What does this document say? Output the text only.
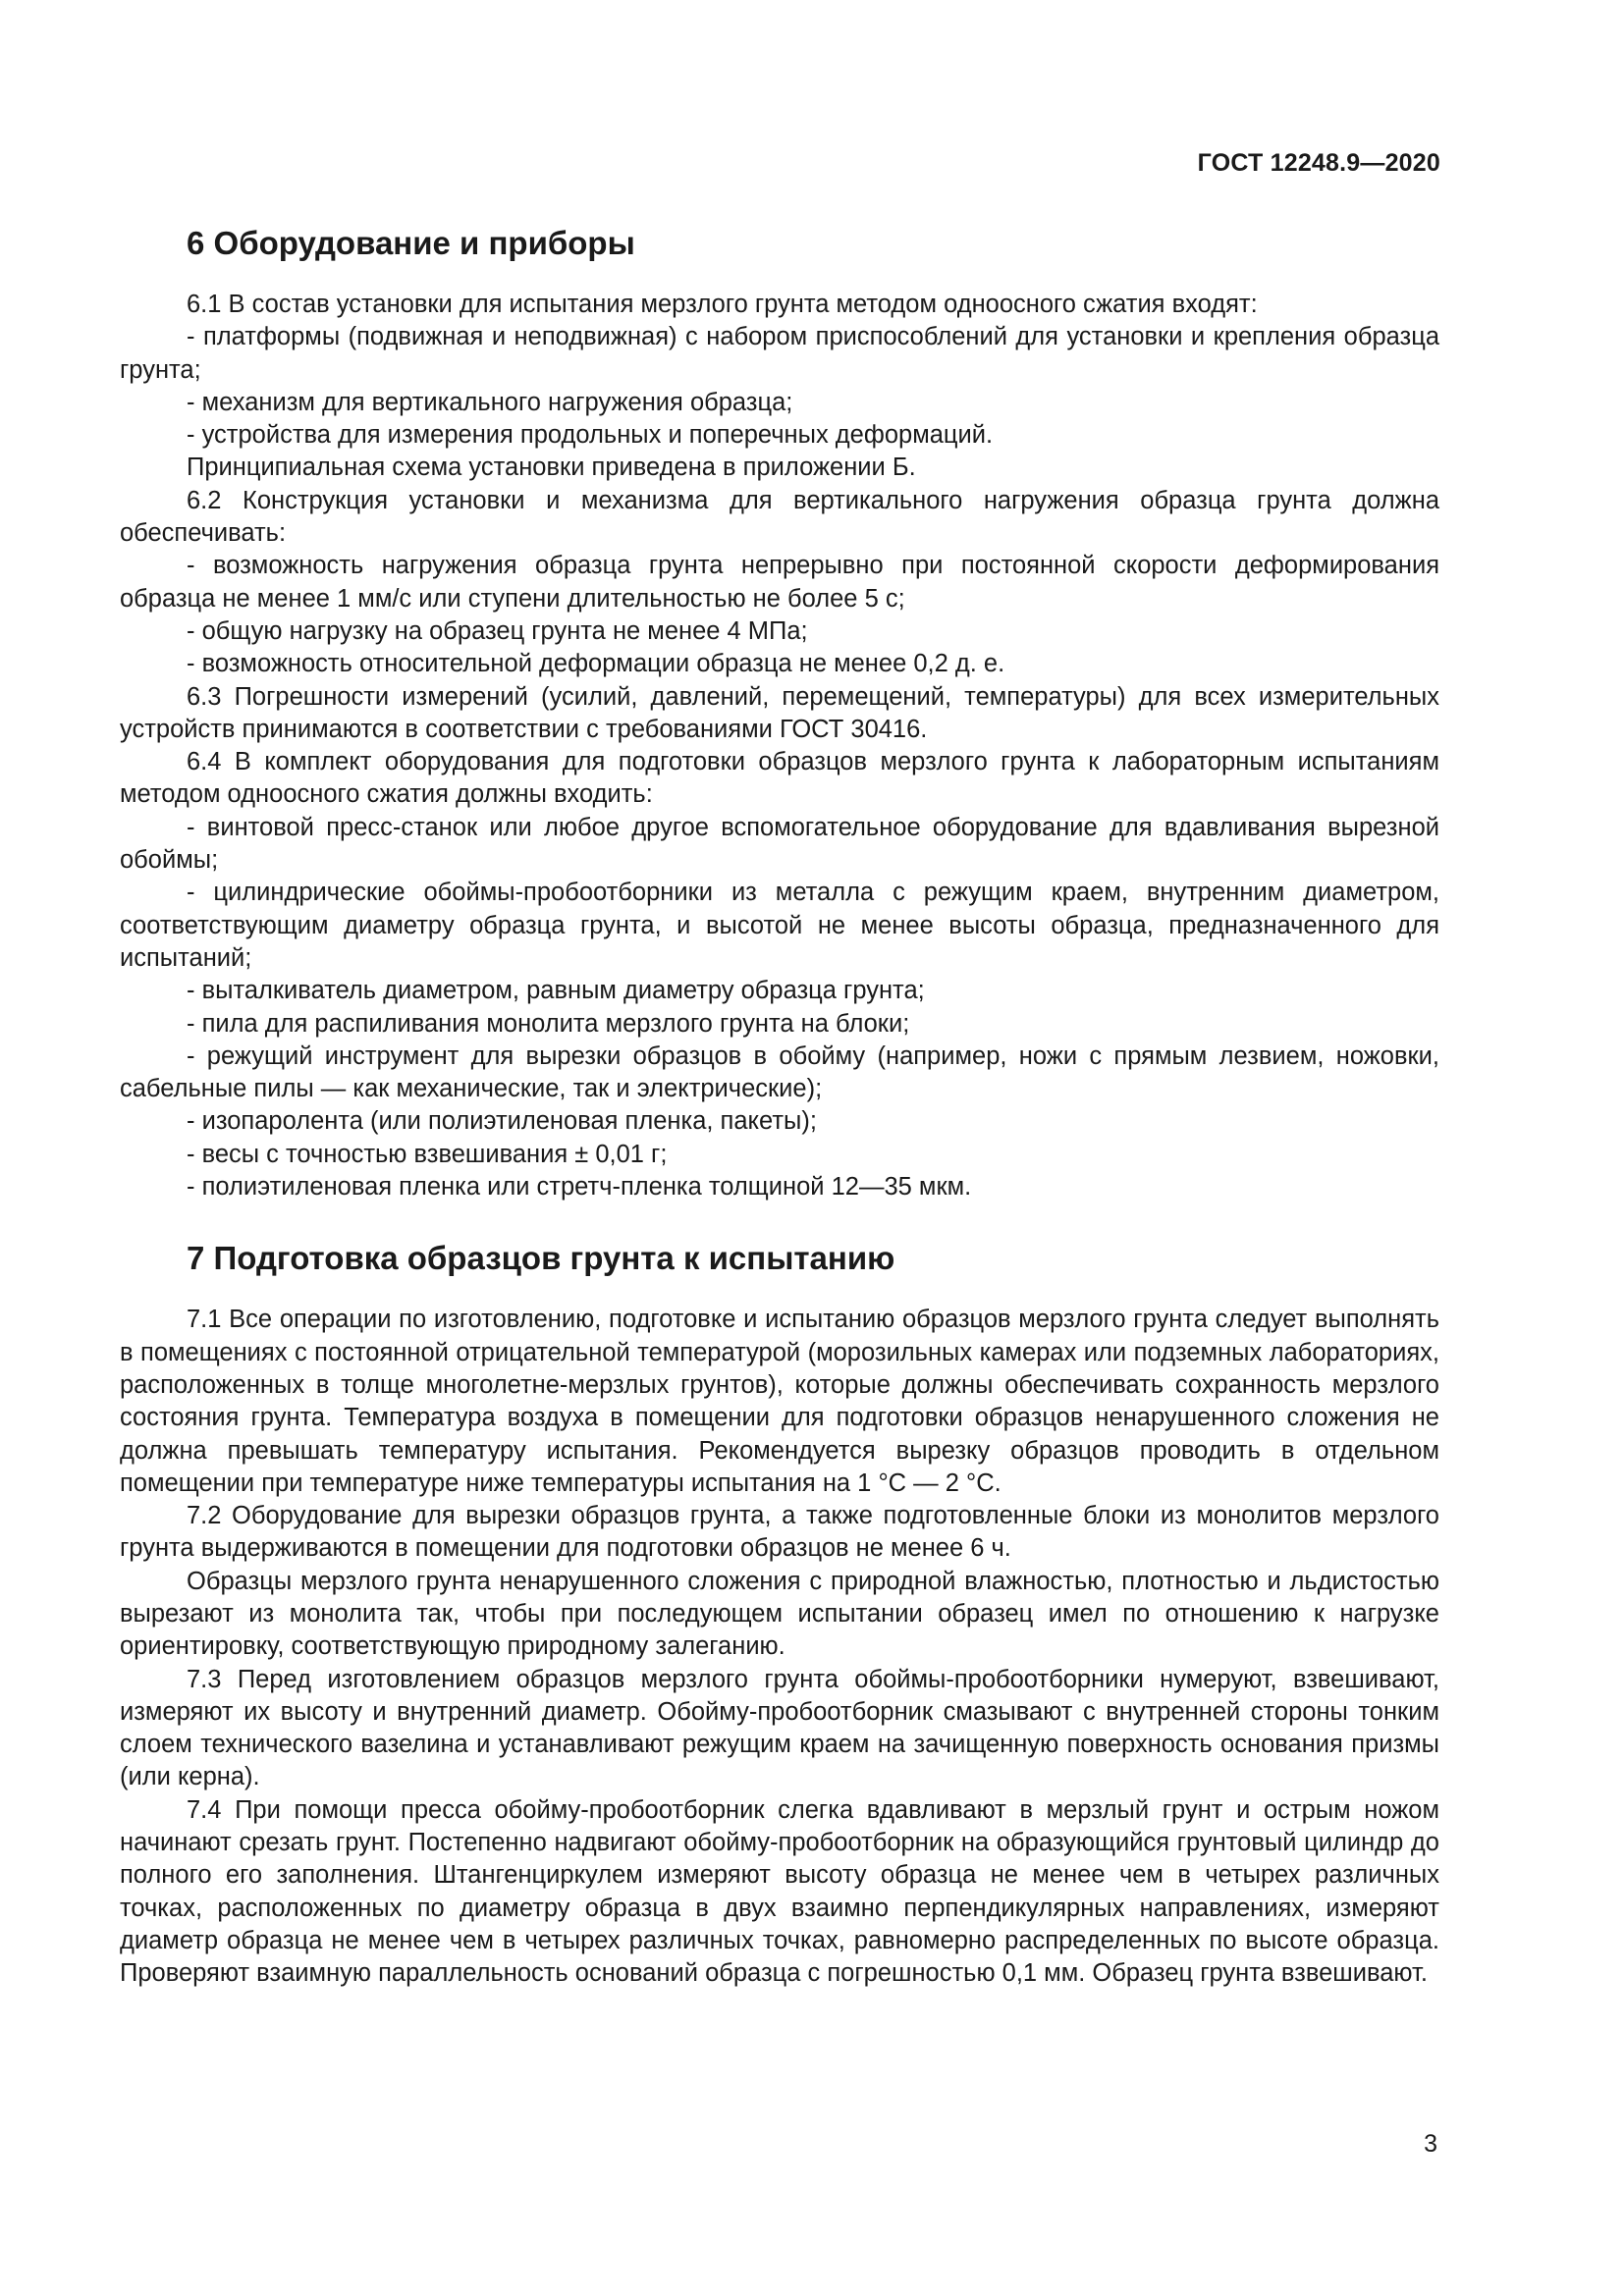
ГОСТ 12248.9—2020
6 Оборудование и приборы

6.1 В состав установки для испытания мерзлого грунта методом одноосного сжатия входят:

- платформы (подвижная и неподвижная) с набором приспособлений для установки и крепления образца грунта;

- механизм для вертикального нагружения образца;

- устройства для измерения продольных и поперечных деформаций.

Принципиальная схема установки приведена в приложении Б.

6.2 Конструкция установки и механизма для вертикального нагружения образца грунта должна обеспечивать:

- возможность нагружения образца грунта непрерывно при постоянной скорости деформирования образца не менее 1 мм/с или ступени длительностью не более 5 с;

- общую нагрузку на образец грунта не менее 4 МПа;

- возможность относительной деформации образца не менее 0,2 д. е.

6.3 Погрешности измерений (усилий, давлений, перемещений, температуры) для всех измерительных устройств принимаются в соответствии с требованиями ГОСТ 30416.

6.4 В комплект оборудования для подготовки образцов мерзлого грунта к лабораторным испытаниям методом одноосного сжатия должны входить:

- винтовой пресс-станок или любое другое вспомогательное оборудование для вдавливания вырезной обоймы;

- цилиндрические обоймы-пробоотборники из металла с режущим краем, внутренним диаметром, соответствующим диаметру образца грунта, и высотой не менее высоты образца, предназначенного для испытаний;

- выталкиватель диаметром, равным диаметру образца грунта;

- пила для распиливания монолита мерзлого грунта на блоки;

- режущий инструмент для вырезки образцов в обойму (например, ножи с прямым лезвием, ножовки, сабельные пилы — как механические, так и электрические);

- изопаролента (или полиэтиленовая пленка, пакеты);

- весы с точностью взвешивания ± 0,01 г;

- полиэтиленовая пленка или стретч-пленка толщиной 12—35 мкм.

7 Подготовка образцов грунта к испытанию

7.1 Все операции по изготовлению, подготовке и испытанию образцов мерзлого грунта следует выполнять в помещениях с постоянной отрицательной температурой (морозильных камерах или подземных лабораториях, расположенных в толще многолетне-мерзлых грунтов), которые должны обеспечивать сохранность мерзлого состояния грунта. Температура воздуха в помещении для подготовки образцов ненарушенного сложения не должна превышать температуру испытания. Рекомендуется вырезку образцов проводить в отдельном помещении при температуре ниже температуры испытания на 1 °С — 2 °С.

7.2 Оборудование для вырезки образцов грунта, а также подготовленные блоки из монолитов мерзлого грунта выдерживаются в помещении для подготовки образцов не менее 6 ч.

Образцы мерзлого грунта ненарушенного сложения с природной влажностью, плотностью и льдистостью вырезают из монолита так, чтобы при последующем испытании образец имел по отношению к нагрузке ориентировку, соответствующую природному залеганию.

7.3 Перед изготовлением образцов мерзлого грунта обоймы-пробоотборники нумеруют, взвешивают, измеряют их высоту и внутренний диаметр. Обойму-пробоотборник смазывают с внутренней стороны тонким слоем технического вазелина и устанавливают режущим краем на зачищенную поверхность основания призмы (или керна).

7.4 При помощи пресса обойму-пробоотборник слегка вдавливают в мерзлый грунт и острым ножом начинают срезать грунт. Постепенно надвигают обойму-пробоотборник на образующийся грунтовый цилиндр до полного его заполнения. Штангенциркулем измеряют высоту образца не менее чем в четырех различных точках, расположенных по диаметру образца в двух взаимно перпендикулярных направлениях, измеряют диаметр образца не менее чем в четырех различных точках, равномерно распределенных по высоте образца. Проверяют взаимную параллельность оснований образца с погрешностью 0,1 мм. Образец грунта взвешивают.

3
